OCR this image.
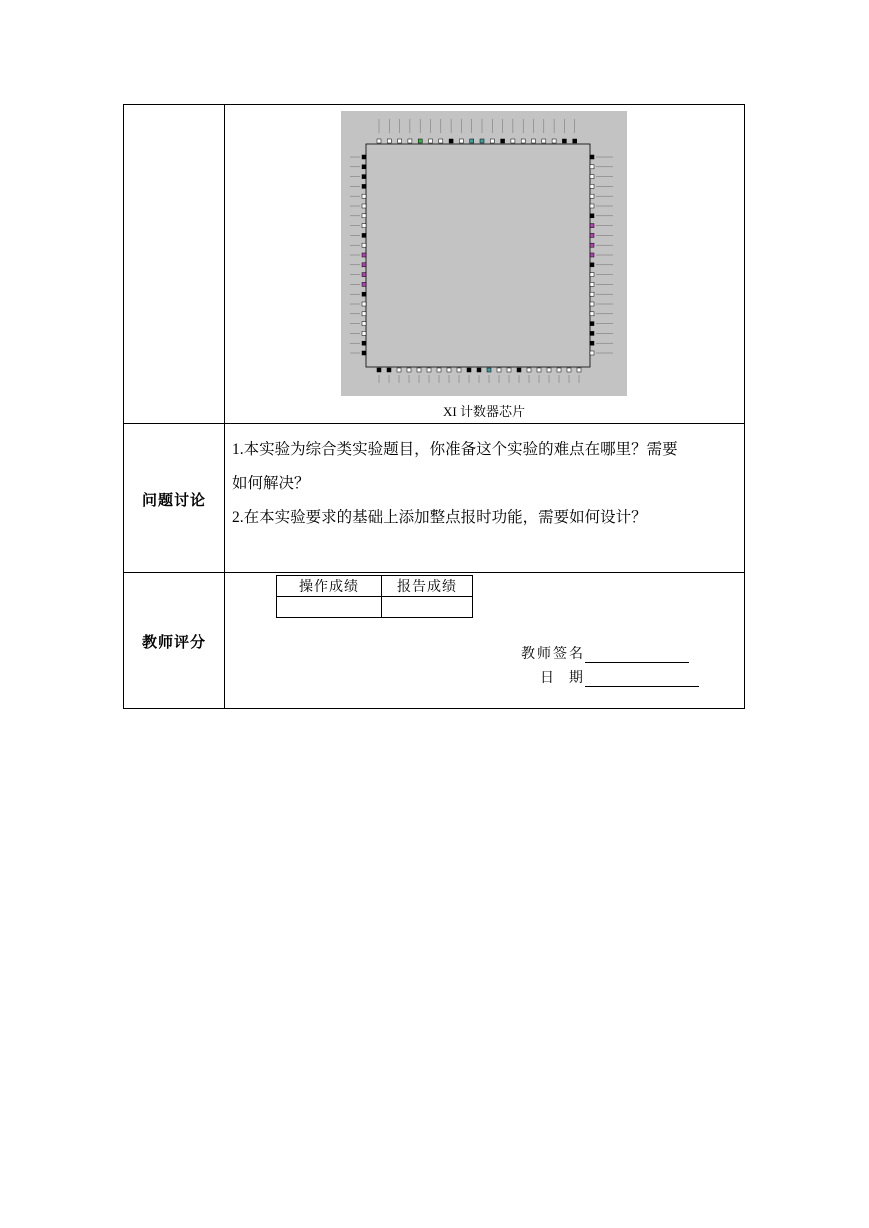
XI 计数器芯片
问题讨论

1.本实验为综合类实验题目，你准备这个实验的难点在哪里？需要
如何解决？

2.在本实验要求的基础上添加整点报时功能，需要如何设计？

教师评分
操作成绩	报告成绩

教师签名
日  期
